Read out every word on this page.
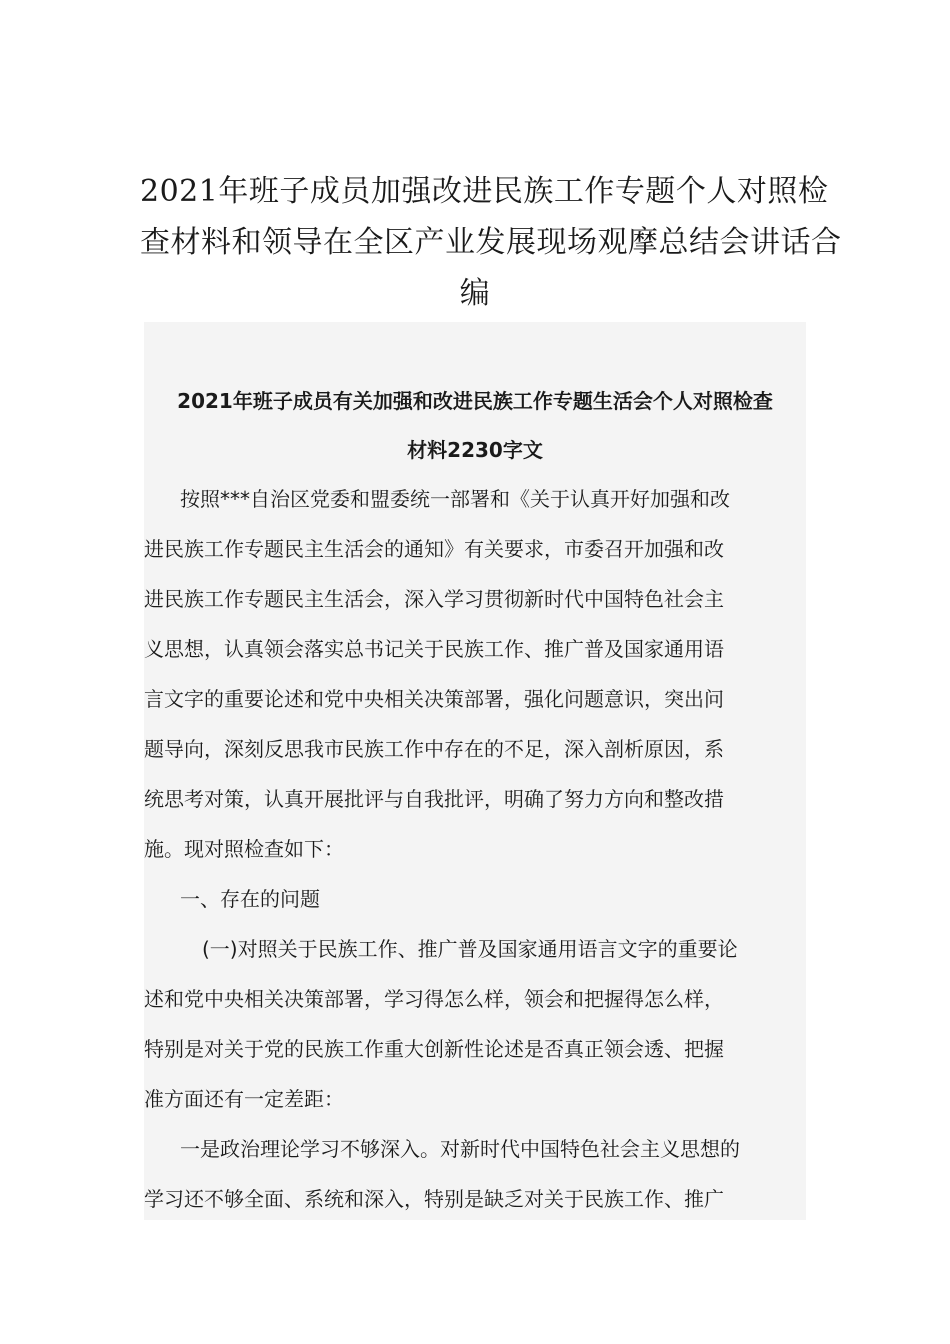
2021年班子成员加强改进民族工作专题个人对照检
查材料和领导在全区产业发展现场观摩总结会讲话合
编
2021年班子成员有关加强和改进民族工作专题生活会个人对照检查
材料2230字文
按照***自治区党委和盟委统一部署和《关于认真开好加强和改
进民族工作专题民主生活会的通知》有关要求，市委召开加强和改
进民族工作专题民主生活会，深入学习贯彻新时代中国特色社会主
义思想，认真领会落实总书记关于民族工作、推广普及国家通用语
言文字的重要论述和党中央相关决策部署，强化问题意识，突出问
题导向，深刻反思我市民族工作中存在的不足，深入剖析原因，系
统思考对策，认真开展批评与自我批评，明确了努力方向和整改措
施。现对照检查如下：
一、存在的问题
(一)对照关于民族工作、推广普及国家通用语言文字的重要论
述和党中央相关决策部署，学习得怎么样，领会和把握得怎么样，
特别是对关于党的民族工作重大创新性论述是否真正领会透、把握
准方面还有一定差距：
一是政治理论学习不够深入。对新时代中国特色社会主义思想的
学习还不够全面、系统和深入，特别是缺乏对关于民族工作、推广
